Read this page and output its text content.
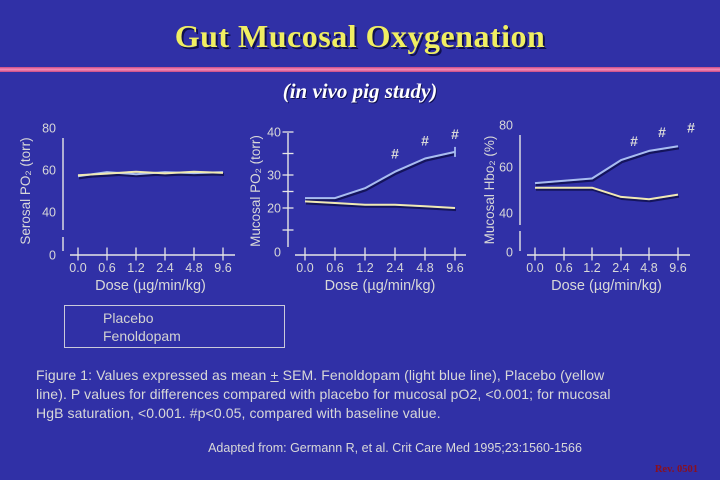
Gut Mucosal Oxygenation
(in vivo pig study)
80
60
40
0
0.0 0.6 1.2 2.4 4.8 9.6
Dose (µg/min/kg)
Serosal PO₂ (torr)
40
30
20
0
0.0 0.6 1.2 2.4 4.8 9.6
Dose (µg/min/kg)
Mucosal PO₂ (torr)	#
# #
80
60
40
0
0.0 0.6 1.2 2.4 4.8 9.6
Dose (µg/min/kg)
Mucosal Hbo₂ (%)	#
# #
Placebo
Fenoldopam
Figure 1: Values expressed as mean + SEM. Fenoldopam (light blue line), Placebo (yellow
line). P values for differences compared with placebo for mucosal pO2, <0.001; for mucosal
HgB saturation, <0.001. #p<0.05, compared with baseline value.
Adapted from: Germann R, et al. Crit Care Med 1995;23:1560-1566
Rev. 0501
